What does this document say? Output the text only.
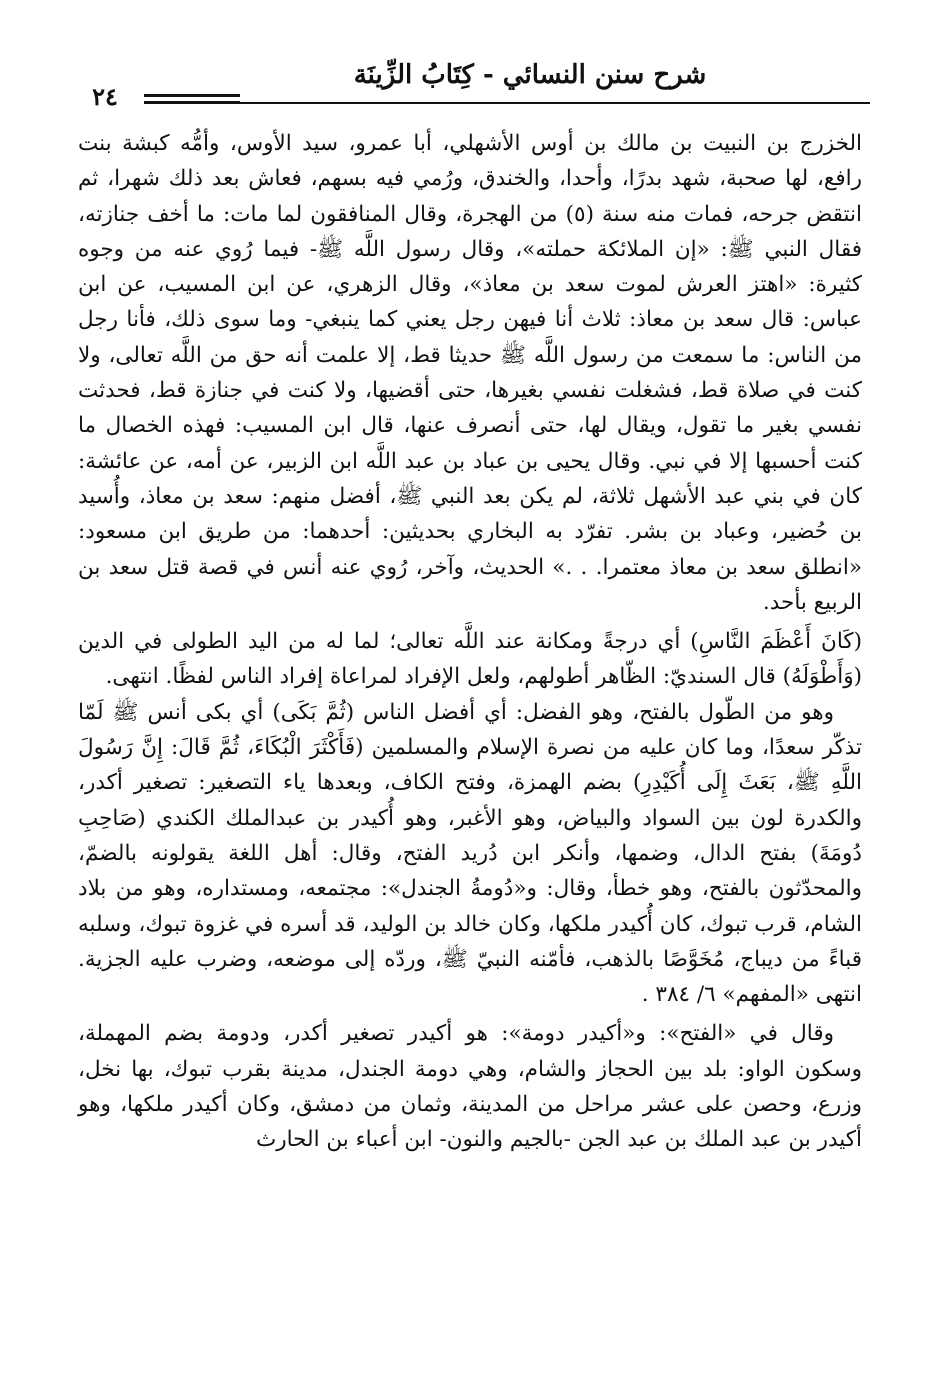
شرح سنن النسائي - كِتَابُ الزِّينَة
٢٤

الخزرج بن النبيت بن مالك بن أوس الأشهلي، أبا عمرو، سيد الأوس، وأمُّه كبشة بنت رافع، لها صحبة، شهد بدرًا، وأحدا، والخندق، ورُمي فيه بسهم، فعاش بعد ذلك شهرا، ثم انتقض جرحه، فمات منه سنة (٥) من الهجرة، وقال المنافقون لما مات: ما أخف جنازته، فقال النبي ﷺ: «إن الملائكة حملته»، وقال رسول اللَّه ﷺ- فيما رُوي عنه من وجوه كثيرة: «اهتز العرش لموت سعد بن معاذ»، وقال الزهري، عن ابن المسيب، عن ابن عباس: قال سعد بن معاذ: ثلاث أنا فيهن رجل يعني كما ينبغي- وما سوى ذلك، فأنا رجل من الناس: ما سمعت من رسول اللَّه ﷺ حديثا قط، إلا علمت أنه حق من اللَّه تعالى، ولا كنت في صلاة قط، فشغلت نفسي بغيرها، حتى أقضيها، ولا كنت في جنازة قط، فحدثت نفسي بغير ما تقول، ويقال لها، حتى أنصرف عنها، قال ابن المسيب: فهذه الخصال ما كنت أحسبها إلا في نبي. وقال يحيى بن عباد بن عبد اللَّه ابن الزبير، عن أمه، عن عائشة: كان في بني عبد الأشهل ثلاثة، لم يكن بعد النبي ﷺ، أفضل منهم: سعد بن معاذ، وأُسيد بن حُضير، وعباد بن بشر. تفرّد به البخاري بحديثين: أحدهما: من طريق ابن مسعود: «انطلق سعد بن معاذ معتمرا. . .» الحديث، وآخر، رُوي عنه أنس في قصة قتل سعد بن الربيع بأحد.

(كَانَ أَعْظَمَ النَّاسِ) أي درجةً ومكانة عند اللَّه تعالى؛ لما له من اليد الطولى في الدين (وَأَطْوَلَهُ) قال السنديّ: الظّاهر أطولهم، ولعل الإفراد لمراعاة إفراد الناس لفظًا. انتهى.

وهو من الطّول بالفتح، وهو الفضل: أي أفضل الناس (ثُمَّ بَكَى) أي بكى أنس ﷺ لَمّا تذكّر سعدًا، وما كان عليه من نصرة الإسلام والمسلمين (فَأَكْثَرَ الْبُكَاءَ، ثُمَّ قَالَ: إِنَّ رَسُولَ اللَّهِ ﷺ، بَعَثَ إِلَى أُكَيْدِرِ) بضم الهمزة، وفتح الكاف، وبعدها ياء التصغير: تصغير أكدر، والكدرة لون بين السواد والبياض، وهو الأغبر، وهو أُكيدر بن عبدالملك الكندي (صَاحِبِ دُومَةَ) بفتح الدال، وضمها، وأنكر ابن دُريد الفتح، وقال: أهل اللغة يقولونه بالضمّ، والمحدّثون بالفتح، وهو خطأ، وقال: و«دُومةُ الجندل»: مجتمعه، ومستداره، وهو من بلاد الشام، قرب تبوك، كان أُكيدر ملكها، وكان خالد بن الوليد، قد أسره في غزوة تبوك، وسلبه قباءً من ديباج، مُخَوَّصًا بالذهب، فأمّنه النبيّ ﷺ، وردّه إلى موضعه، وضرب عليه الجزية. انتهى «المفهم» ٦/ ٣٨٤ .

وقال في «الفتح»: و«أكيدر دومة»: هو أكيدر تصغير أكدر، ودومة بضم المهملة، وسكون الواو: بلد بين الحجاز والشام، وهي دومة الجندل، مدينة بقرب تبوك، بها نخل، وزرع، وحصن على عشر مراحل من المدينة، وثمان من دمشق، وكان أكيدر ملكها، وهو أكيدر بن عبد الملك بن عبد الجن -بالجيم والنون- ابن أعباء بن الحارث
